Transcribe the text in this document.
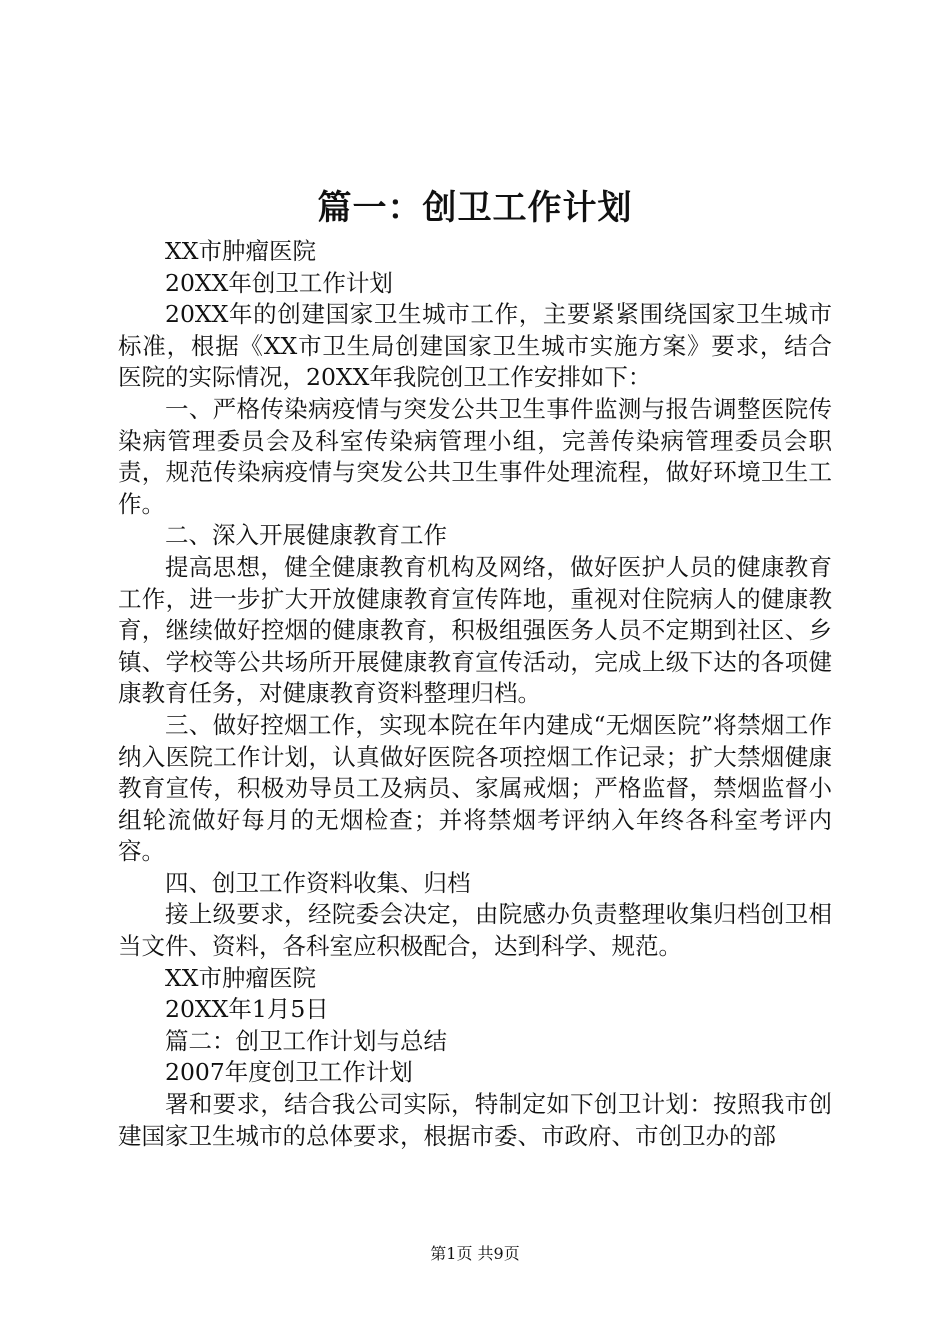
篇一：创卫工作计划

XX市肿瘤医院

20XX年创卫工作计划

20XX年的创建国家卫生城市工作，主要紧紧围绕国家卫生城市标准，根据《XX市卫生局创建国家卫生城市实施方案》要求，结合医院的实际情况，20XX年我院创卫工作安排如下：

一、严格传染病疫情与突发公共卫生事件监测与报告调整医院传染病管理委员会及科室传染病管理小组，完善传染病管理委员会职责，规范传染病疫情与突发公共卫生事件处理流程，做好环境卫生工作。

二、深入开展健康教育工作

提高思想，健全健康教育机构及网络，做好医护人员的健康教育工作，进一步扩大开放健康教育宣传阵地，重视对住院病人的健康教育，继续做好控烟的健康教育，积极组强医务人员不定期到社区、乡镇、学校等公共场所开展健康教育宣传活动，完成上级下达的各项健康教育任务，对健康教育资料整理归档。

三、做好控烟工作，实现本院在年内建成“无烟医院”将禁烟工作纳入医院工作计划，认真做好医院各项控烟工作记录；扩大禁烟健康教育宣传，积极劝导员工及病员、家属戒烟；严格监督，禁烟监督小组轮流做好每月的无烟检查；并将禁烟考评纳入年终各科室考评内容。

四、创卫工作资料收集、归档

接上级要求，经院委会决定，由院感办负责整理收集归档创卫相当文件、资料，各科室应积极配合，达到科学、规范。

XX市肿瘤医院

20XX年1月5日

篇二：创卫工作计划与总结

2007年度创卫工作计划

署和要求，结合我公司实际，特制定如下创卫计划：按照我市创建国家卫生城市的总体要求，根据市委、市政府、市创卫办的部

第1页 共9页
